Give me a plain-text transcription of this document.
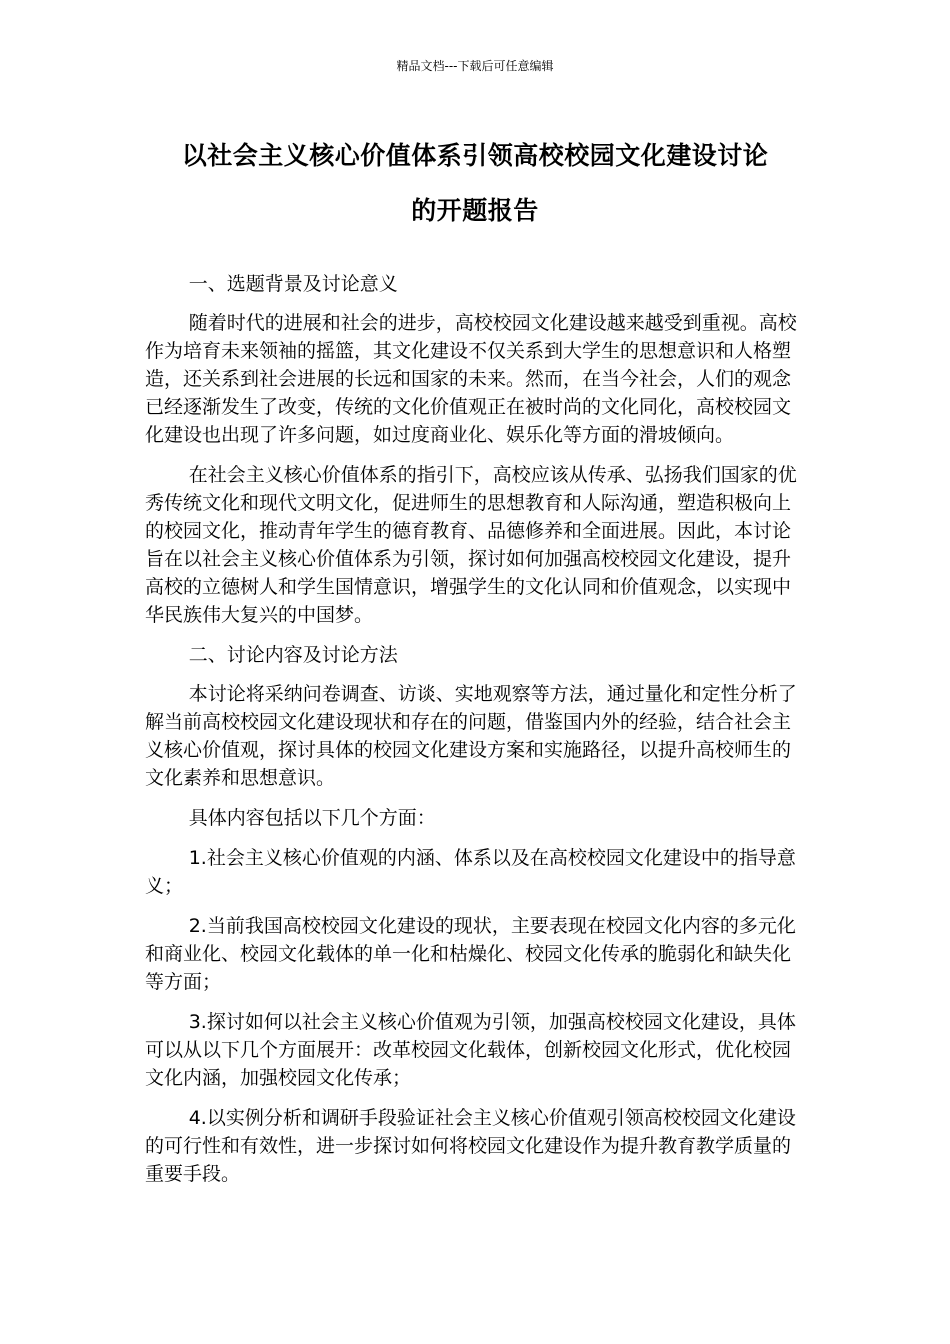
精品文档---下载后可任意编辑
以社会主义核心价值体系引领高校校园文化建设讨论
的开题报告

一、选题背景及讨论意义

随着时代的进展和社会的进步，高校校园文化建设越来越受到重视。高校作为培育未来领袖的摇篮，其文化建设不仅关系到大学生的思想意识和人格塑造，还关系到社会进展的长远和国家的未来。然而，在当今社会，人们的观念已经逐渐发生了改变，传统的文化价值观正在被时尚的文化同化，高校校园文化建设也出现了许多问题，如过度商业化、娱乐化等方面的滑坡倾向。

在社会主义核心价值体系的指引下，高校应该从传承、弘扬我们国家的优秀传统文化和现代文明文化，促进师生的思想教育和人际沟通，塑造积极向上的校园文化，推动青年学生的德育教育、品德修养和全面进展。因此，本讨论旨在以社会主义核心价值体系为引领，探讨如何加强高校校园文化建设，提升高校的立德树人和学生国情意识，增强学生的文化认同和价值观念，以实现中华民族伟大复兴的中国梦。

二、讨论内容及讨论方法

本讨论将采纳问卷调查、访谈、实地观察等方法，通过量化和定性分析了解当前高校校园文化建设现状和存在的问题，借鉴国内外的经验，结合社会主义核心价值观，探讨具体的校园文化建设方案和实施路径，以提升高校师生的文化素养和思想意识。

具体内容包括以下几个方面：

1.社会主义核心价值观的内涵、体系以及在高校校园文化建设中的指导意义；

2.当前我国高校校园文化建设的现状，主要表现在校园文化内容的多元化和商业化、校园文化载体的单一化和枯燥化、校园文化传承的脆弱化和缺失化等方面；

3.探讨如何以社会主义核心价值观为引领，加强高校校园文化建设，具体可以从以下几个方面展开：改革校园文化载体，创新校园文化形式，优化校园文化内涵，加强校园文化传承；

4.以实例分析和调研手段验证社会主义核心价值观引领高校校园文化建设的可行性和有效性，进一步探讨如何将校园文化建设作为提升教育教学质量的重要手段。
